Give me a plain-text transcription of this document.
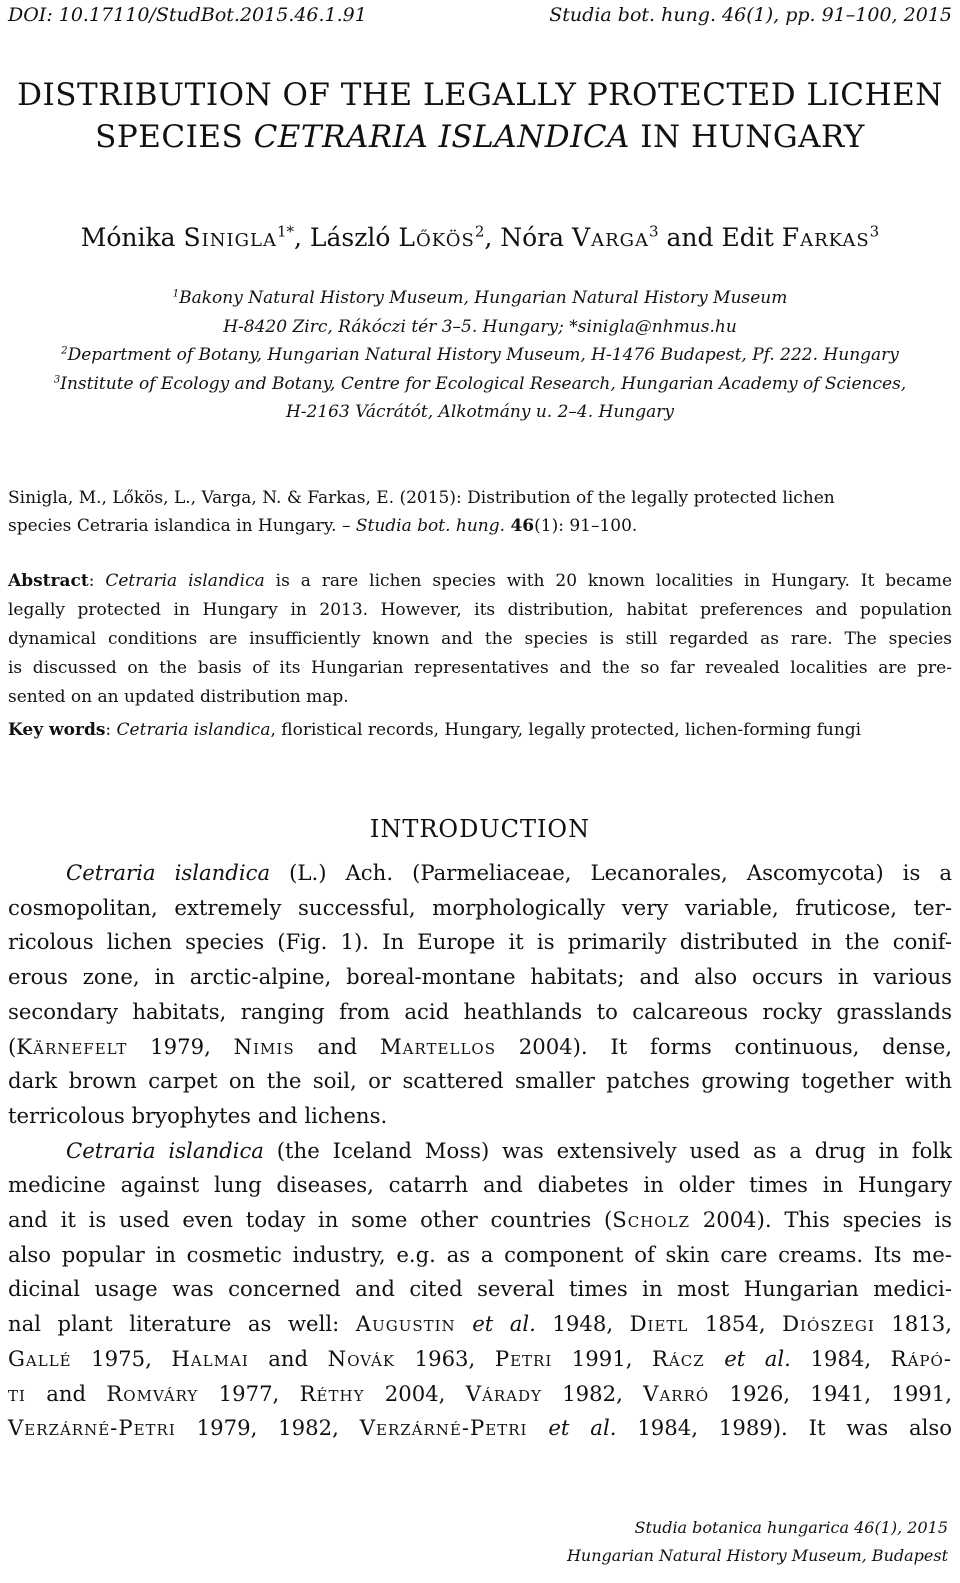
DOI: 10.17110/StudBot.2015.46.1.91	Studia bot. hung. 46(1), pp. 91–100, 2015
DISTRIBUTION OF THE LEGALLY PROTECTED LICHEN
SPECIES CETRARIA ISLANDICA IN HUNGARY
Mónika Sinigla$^{1*}$, László Lőkös$^2$, Nóra Varga$^3$ and Edit Farkas$^3$
$^1$Bakony Natural History Museum, Hungarian Natural History Museum
H-8420 Zirc, Rákóczi tér 3–5. Hungary; *sinigla@nhmus.hu
$^2$Department of Botany, Hungarian Natural History Museum, H-1476 Budapest, Pf. 222. Hungary
$^3$Institute of Ecology and Botany, Centre for Ecological Research, Hungarian Academy of Sciences,
H-2163 Vácrátót, Alkotmány u. 2–4. Hungary
Sinigla, M., Lőkös, L., Varga, N. & Farkas, E. (2015): Distribution of the legally protected lichen
species Cetraria islandica in Hungary. – Studia bot. hung. 46(1): 91–100.
Abstract: Cetraria islandica is a rare lichen species with 20 known localities in Hungary. It became
legally protected in Hungary in 2013. However, its distribution, habitat preferences and population
dynamical conditions are insufficiently known and the species is still regarded as rare. The species
is discussed on the basis of its Hungarian representatives and the so far revealed localities are pre-
sented on an updated distribution map.
Key words: Cetraria islandica, floristical records, Hungary, legally protected, lichen-forming fungi
INTRODUCTION
Cetraria islandica (L.) Ach. (Parmeliaceae, Lecanorales, Ascomycota) is a
cosmopolitan, extremely successful, morphologically very variable, fruticose, ter-
ricolous lichen species (Fig. 1). In Europe it is primarily distributed in the conif-
erous zone, in arctic-alpine, boreal-montane habitats; and also occurs in various
secondary habitats, ranging from acid heathlands to calcareous rocky grasslands
(Kärnefelt 1979, Nimis and Martellos 2004). It forms continuous, dense,
dark brown carpet on the soil, or scattered smaller patches growing together with
terricolous bryophytes and lichens.
Cetraria islandica (the Iceland Moss) was extensively used as a drug in folk
medicine against lung diseases, catarrh and diabetes in older times in Hungary
and it is used even today in some other countries (Scholz 2004). This species is
also popular in cosmetic industry, e.g. as a component of skin care creams. Its me-
dicinal usage was concerned and cited several times in most Hungarian medici-
nal plant literature as well: Augustin et al. 1948, Dietl 1854, Diószegi 1813,
Gallé 1975, Halmai and Novák 1963, Petri 1991, Rácz et al. 1984, Rápó-
ti and Romváry 1977, Réthy 2004, Várady 1982, Varró 1926, 1941, 1991,
Verzárné-Petri 1979, 1982, Verzárné-Petri et al. 1984, 1989). It was also
Studia botanica hungarica 46(1), 2015
Hungarian Natural History Museum, Budapest
